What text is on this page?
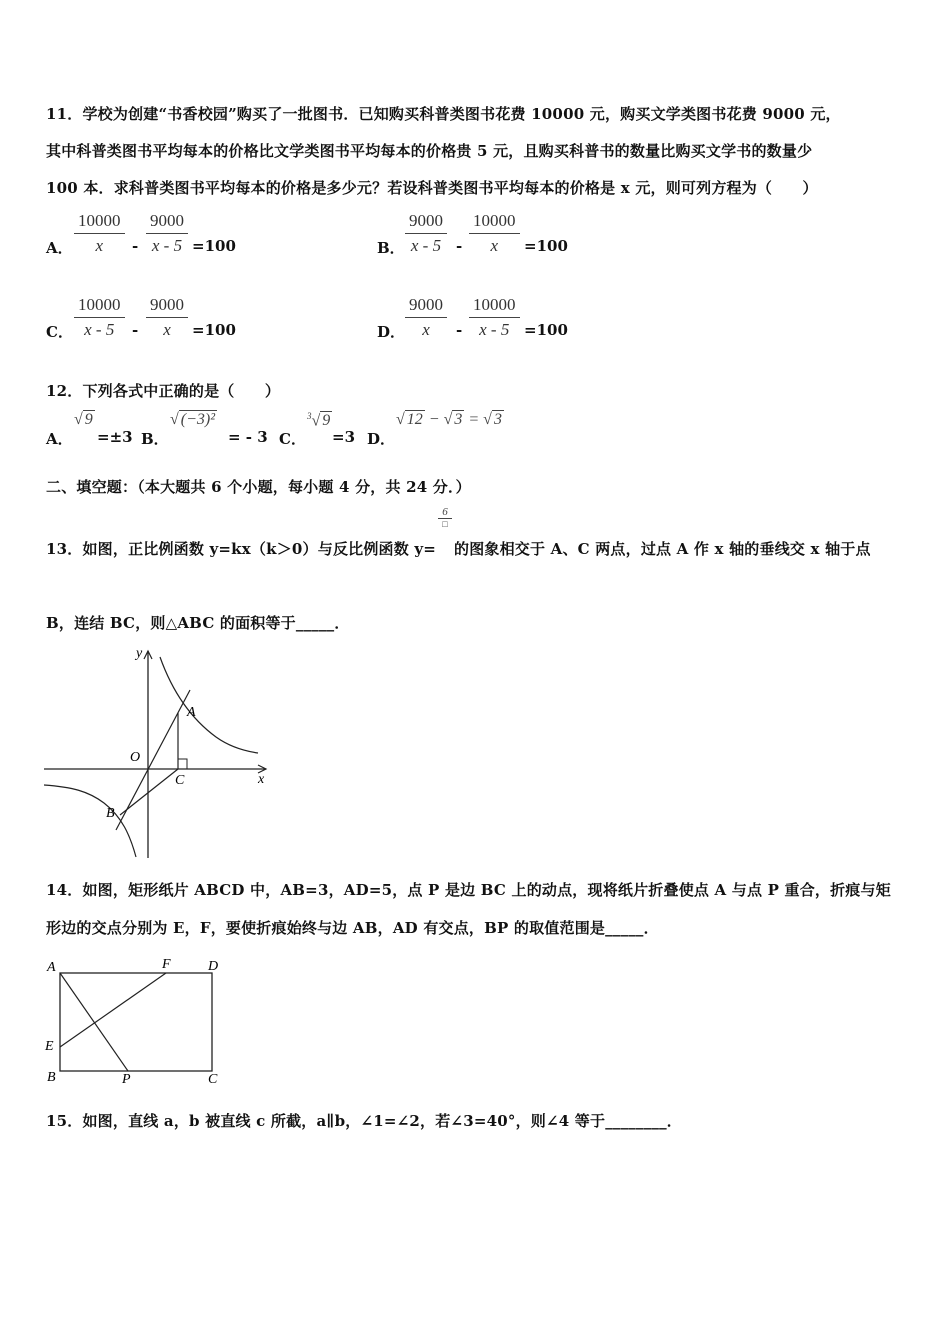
11．学校为创建“书香校园”购买了一批图书．已知购买科普类图书花费 10000 元，购买文学类图书花费 9000 元，
其中科普类图书平均每本的价格比文学类图书平均每本的价格贵 5 元，且购买科普书的数量比购买文学书的数量少
100 本．求科普类图书平均每本的价格是多少元？若设科普类图书平均每本的价格是 x 元，则可列方程为（　　）
A． $\frac{10000}{x} - \frac{9000}{x - 5} =100$	B． $\frac{9000}{x - 5} - \frac{10000}{x} =100$
C． $\frac{10000}{x - 5} - \frac{9000}{x} =100$	D． $\frac{9000}{x} - \frac{10000}{x - 5} =100$
12．下列各式中正确的是（　　）
A．
√ 9
=±3 B．
√ (−3)²
= - 3 C．
$^3$√ 9
=3 D．
√ 12 − √ 3 = √ 3
二、填空题：（本大题共 6 个小题，每小题 4 分，共 24 分．）
13．如图，正比例函数 y=kx（k＞0）与反比例函数 y=
6
□
的图象相交于 A、C 两点，过点 A 作 x 轴的垂线交 x 轴于点
B，连结 BC，则△ABC 的面积等于_____．
y
x
O
A
B
C
14．如图，矩形纸片 ABCD 中，AB=3，AD=5，点 P 是边 BC 上的动点，现将纸片折叠使点 A 与点 P 重合，折痕与矩
形边的交点分别为 E，F，要使折痕始终与边 AB，AD 有交点，BP 的取值范围是_____．
A	F	D
E
B	P	C
15．如图，直线 a，b 被直线 c 所截，a∥b，∠1=∠2，若∠3=40°，则∠4 等于________．
